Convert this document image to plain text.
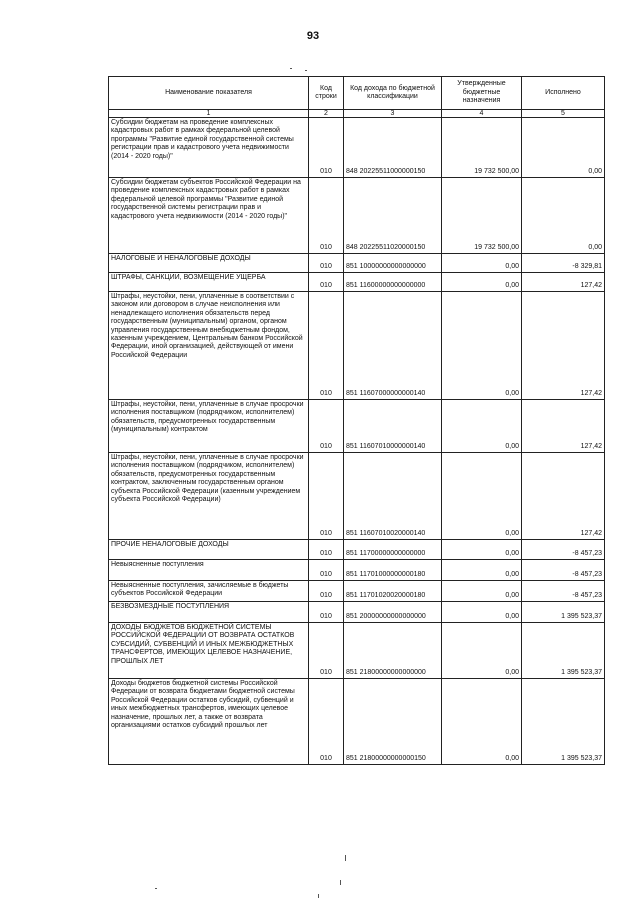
93
Наименование показателя	Код строки	Код дохода по бюджетной классификации	Утвержденные бюджетные назначения	Исполнено
1	2	3	4	5
Субсидии бюджетам на проведение комплексных кадастровых работ в рамках федеральной целевой программы "Развитие единой государственной системы регистрации прав и кадастрового учета недвижимости (2014 - 2020 годы)"	010	848 20225511000000150	19 732 500,00	0,00
Субсидии бюджетам субъектов Российской Федерации на проведение комплексных кадастровых работ в рамках федеральной целевой программы "Развитие единой государственной системы регистрации прав и кадастрового учета недвижимости (2014 - 2020 годы)"	010	848 20225511020000150	19 732 500,00	0,00
НАЛОГОВЫЕ И НЕНАЛОГОВЫЕ ДОХОДЫ	010	851 10000000000000000	0,00	-8 329,81
ШТРАФЫ, САНКЦИИ, ВОЗМЕЩЕНИЕ УЩЕРБА	010	851 11600000000000000	0,00	127,42
Штрафы, неустойки, пени, уплаченные в соответствии с законом или договором в случае неисполнения или ненадлежащего исполнения обязательств перед государственным (муниципальным) органом, органом управления государственным внебюджетным фондом, казенным учреждением, Центральным банком Российской Федерации, иной организацией, действующей от имени Российской Федерации	010	851 11607000000000140	0,00	127,42
Штрафы, неустойки, пени, уплаченные в случае просрочки исполнения поставщиком (подрядчиком, исполнителем) обязательств, предусмотренных государственным (муниципальным) контрактом	010	851 11607010000000140	0,00	127,42
Штрафы, неустойки, пени, уплаченные в случае просрочки исполнения поставщиком (подрядчиком, исполнителем) обязательств, предусмотренных государственным контрактом, заключенным государственным органом субъекта Российской Федерации (казенным учреждением субъекта Российской Федерации)	010	851 11607010020000140	0,00	127,42
ПРОЧИЕ НЕНАЛОГОВЫЕ ДОХОДЫ	010	851 11700000000000000	0,00	-8 457,23
Невыясненные поступления	010	851 11701000000000180	0,00	-8 457,23
Невыясненные поступления, зачисляемые в бюджеты субъектов Российской Федерации	010	851 11701020020000180	0,00	-8 457,23
БЕЗВОЗМЕЗДНЫЕ ПОСТУПЛЕНИЯ	010	851 20000000000000000	0,00	1 395 523,37
ДОХОДЫ БЮДЖЕТОВ БЮДЖЕТНОЙ СИСТЕМЫ РОССИЙСКОЙ ФЕДЕРАЦИИ ОТ ВОЗВРАТА ОСТАТКОВ СУБСИДИЙ, СУБВЕНЦИЙ И ИНЫХ МЕЖБЮДЖЕТНЫХ ТРАНСФЕРТОВ, ИМЕЮЩИХ ЦЕЛЕВОЕ НАЗНАЧЕНИЕ, ПРОШЛЫХ ЛЕТ	010	851 21800000000000000	0,00	1 395 523,37
Доходы бюджетов бюджетной системы Российской Федерации от возврата бюджетами бюджетной системы Российской Федерации остатков субсидий, субвенций и иных межбюджетных трансфертов, имеющих целевое назначение, прошлых лет, а также от возврата организациями остатков субсидий прошлых лет	010	851 21800000000000150	0,00	1 395 523,37
